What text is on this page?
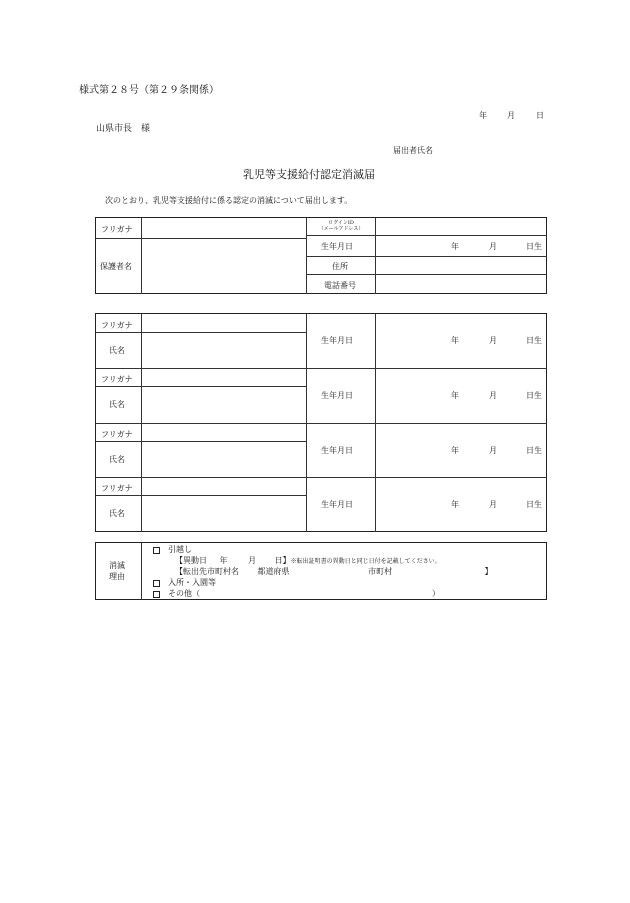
様式第２８号（第２９条関係）
年	月	日
山県市長　様
届出者氏名
乳児等支援給付認定消滅届
次のとおり、乳児等支援給付に係る認定の消滅について届出します。
フリガナ
保護者名
ログインID
（メールアドレス）
生年月日	年	月	日生
住所
電話番号
フリガナ
氏名
生年月日	年	月	日生
フリガナ
氏名
生年月日	年	月	日生
フリガナ
氏名
生年月日	年	月	日生
フリガナ
氏名
生年月日	年	月	日生
消滅
理由
引越し
【異動日 年	月 日】※転出証明書の異動日と同じ日付を記載してください。
【転出先市町村名 都道府県	市町村	】
入所・入園等
その他（	）
